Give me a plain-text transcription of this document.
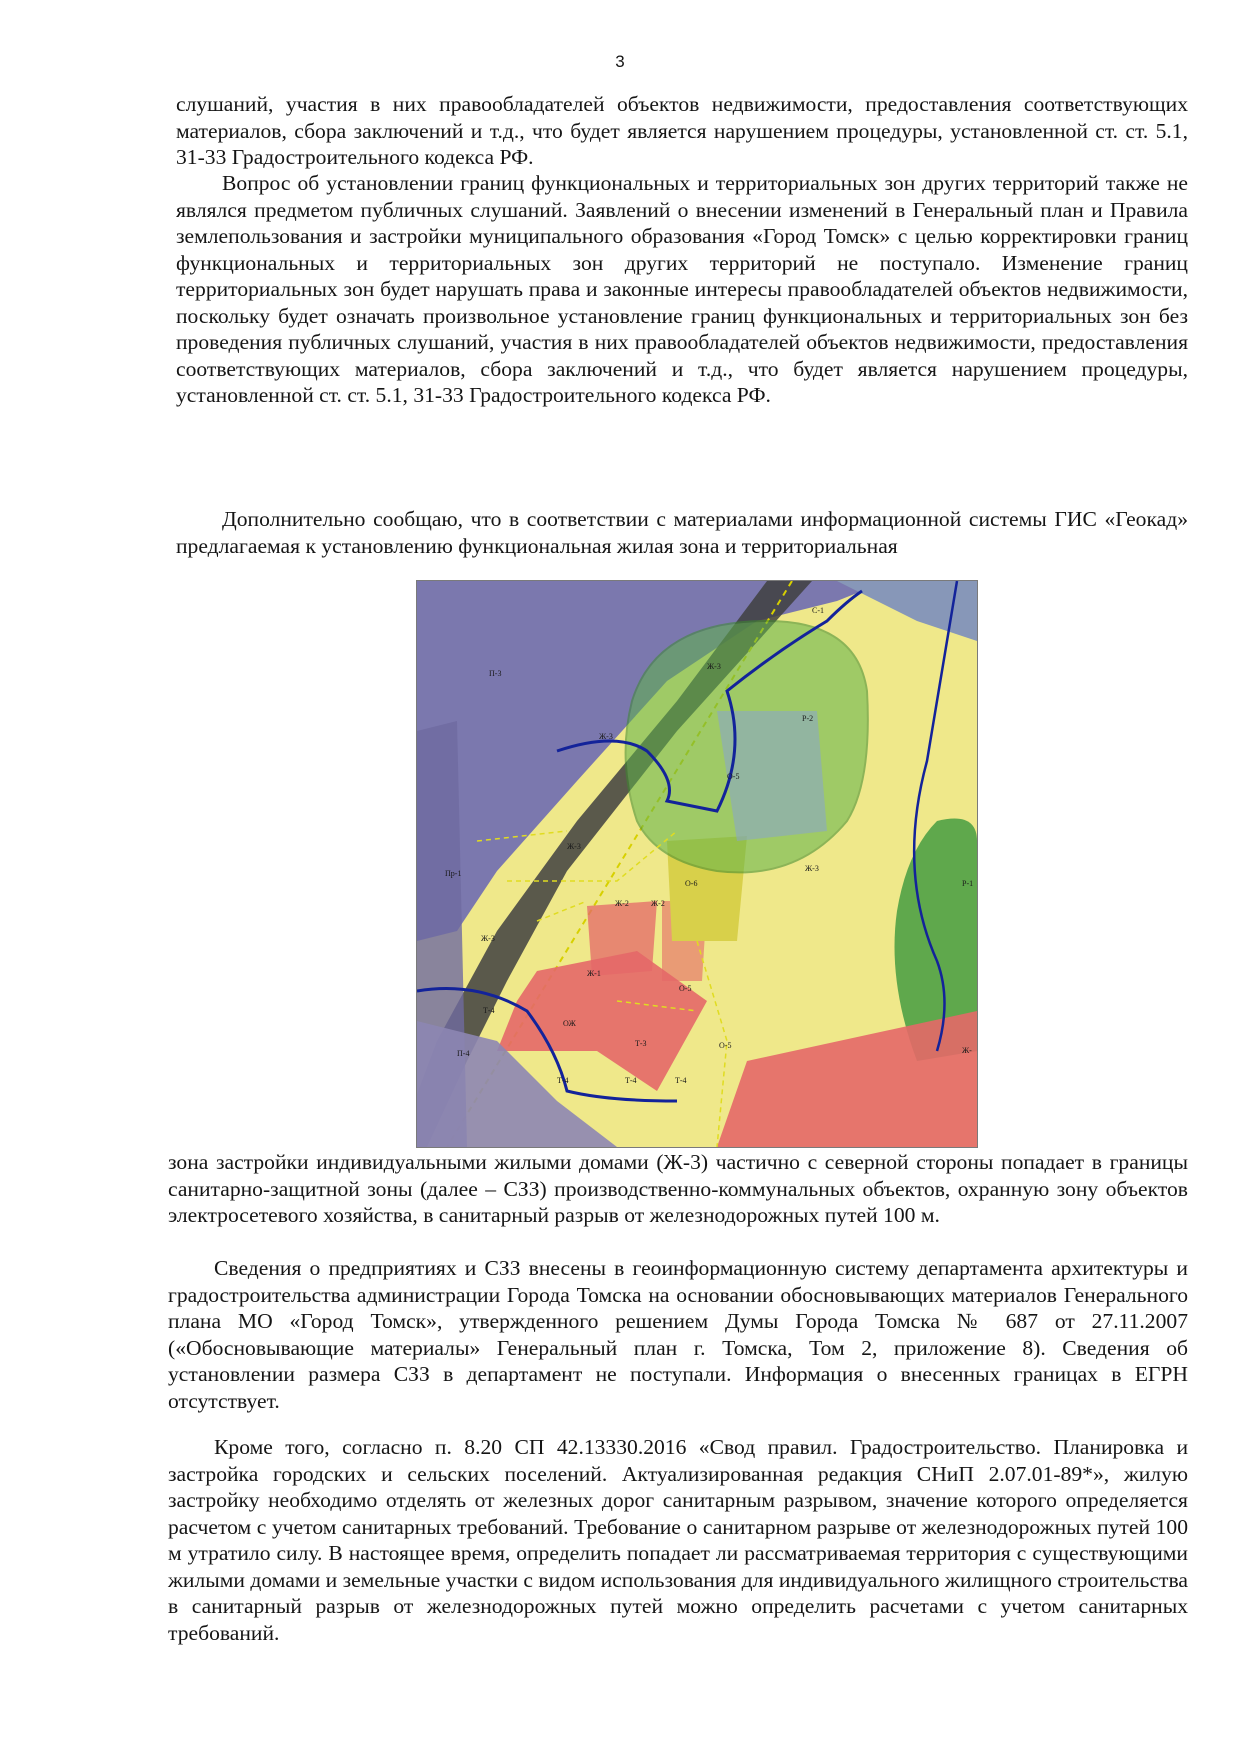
3

слушаний, участия в них правообладателей объектов недвижимости, предоставления соответствующих материалов, сбора заключений и т.д., что будет является нарушением процедуры, установленной ст. ст. 5.1, 31-33 Градостроительного кодекса РФ.

Вопрос об установлении границ функциональных и территориальных зон других территорий также не являлся предметом публичных слушаний. Заявлений о внесении изменений в Генеральный план и Правила землепользования и застройки муниципального образования «Город Томск» с целью корректировки границ функциональных и территориальных зон других территорий не поступало. Изменение границ территориальных зон будет нарушать права и законные интересы правообладателей объектов недвижимости, поскольку будет означать произвольное установление границ функциональных и территориальных зон без проведения публичных слушаний, участия в них правообладателей объектов недвижимости, предоставления соответствующих материалов, сбора заключений и т.д., что будет является нарушением процедуры, установленной ст. ст. 5.1, 31-33 Градостроительного кодекса РФ.

Дополнительно сообщаю, что в соответствии с материалами информационной системы ГИС «Геокад» предлагаемая к установлению функциональная жилая зона и территориальная

С-1
П-3
Ж-3
Ж-3
Р-2
О-5
Ж-3
Ж-3
Р-1
Пр-1
О-6
Ж-2	Ж-2
Ж-3
Ж-1
О-5
Т-4
ОЖ
О-5
П-4	Ж-
Т-3
Т-4	Т-4	Т-4

зона застройки индивидуальными жилыми домами (Ж-3) частично с северной стороны попадает в границы санитарно-защитной зоны (далее – СЗЗ) производственно-коммунальных объектов, охранную зону объектов электросетевого хозяйства, в санитарный разрыв от железнодорожных путей 100 м.

Сведения о предприятиях и СЗЗ внесены в геоинформационную систему департамента архитектуры и градостроительства администрации Города Томска на основании обосновывающих материалов Генерального плана МО «Город Томск», утвержденного решением Думы Города Томска № 687 от 27.11.2007 («Обосновывающие материалы» Генеральный план г. Томска, Том 2, приложение 8). Сведения об установлении размера СЗЗ в департамент не поступали. Информация о внесенных границах в ЕГРН отсутствует.

Кроме того, согласно п. 8.20 СП 42.13330.2016 «Свод правил. Градостроительство. Планировка и застройка городских и сельских поселений. Актуализированная редакция СНиП 2.07.01-89*», жилую застройку необходимо отделять от железных дорог санитарным разрывом, значение которого определяется расчетом с учетом санитарных требований. Требование о санитарном разрыве от железнодорожных путей 100 м утратило силу. В настоящее время, определить попадает ли рассматриваемая территория с существующими жилыми домами и земельные участки с видом использования для индивидуального жилищного строительства в санитарный разрыв от железнодорожных путей можно определить расчетами с учетом санитарных требований.
